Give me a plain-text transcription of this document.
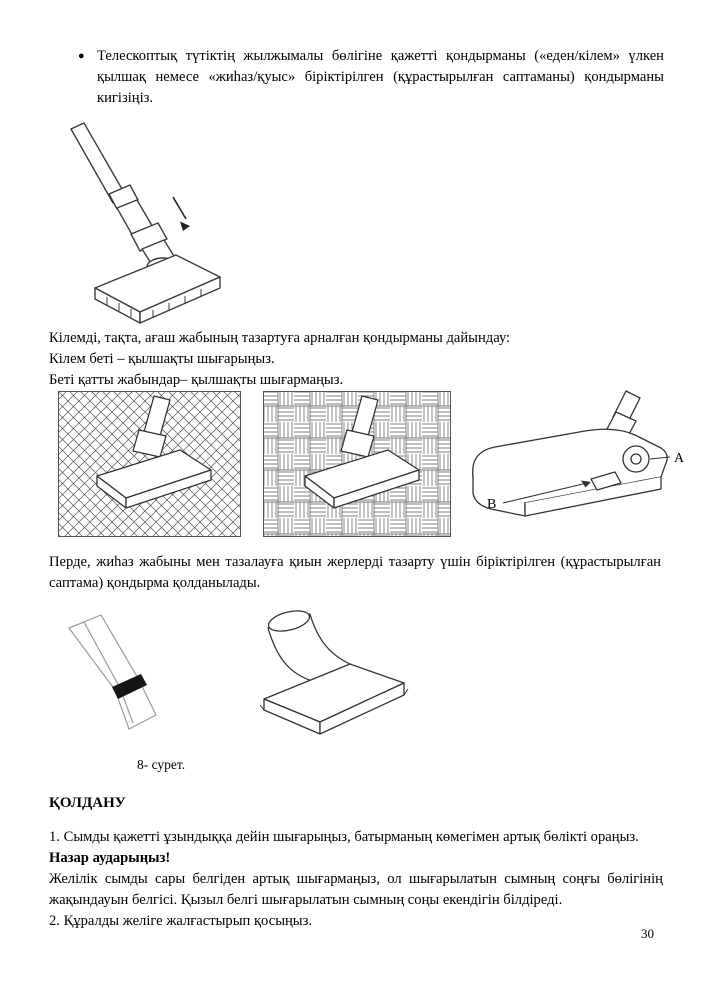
● Телескоптық түтіктің жылжымалы бөлігіне қажетті қондырманы («еден/кілем» үлкен қылшақ немесе «жиһаз/қуыс» біріктірілген (құрастырылған саптаманы) қондырманы кигізіңіз.
Кілемді, тақта, ағаш жабының тазартуға арналған қондырманы дайындау:
Кілем беті – қылшақты шығарыңыз.
Беті қатты жабындар– қылшақты шығармаңыз.
A
B
Перде, жиһаз жабыны мен тазалауға қиын жерлерді тазарту үшін біріктірілген (құрастырылған саптама) қондырма қолданылады.
8- сурет.
ҚОЛДАНУ
1. Сымды қажетті ұзындыққа дейін шығарыңыз, батырманың көмегімен артық бөлікті ораңыз.
Назар аударыңыз!
Желілік сымды сары белгіден артық шығармаңыз, ол шығарылатын сымның соңғы бөлігінің жақындауын белгісі. Қызыл белгі шығарылатын сымның соңы екендігін білдіреді.
2. Құралды желіге жалғастырып қосыңыз.
30
